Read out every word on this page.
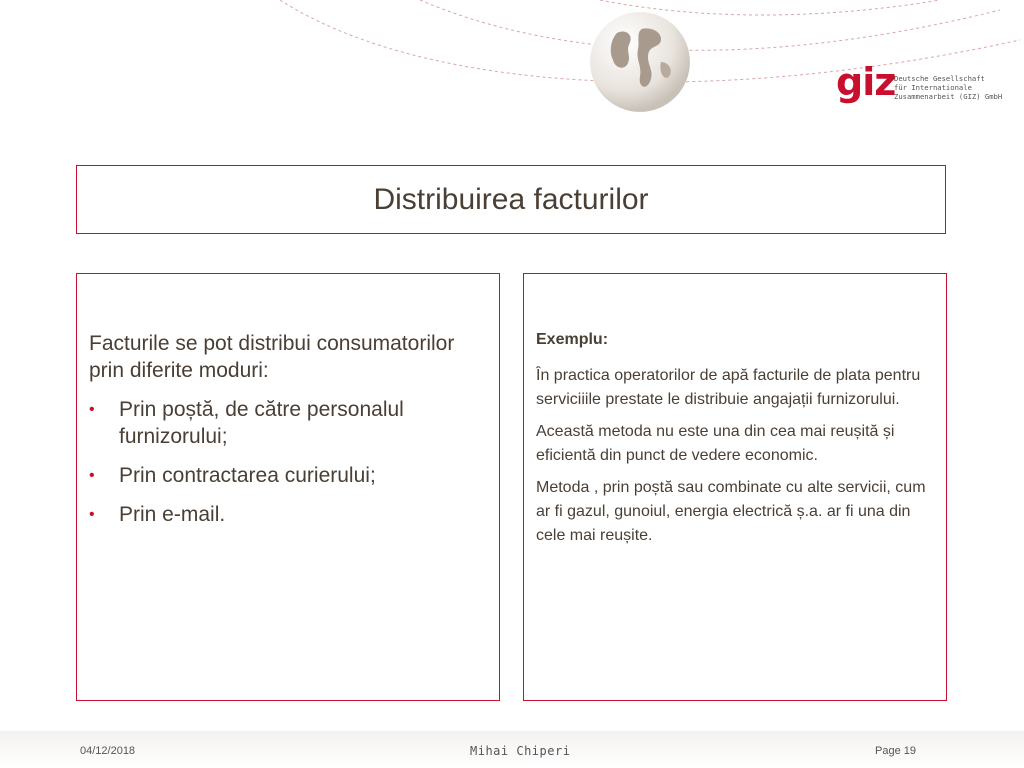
giz
Deutsche Gesellschaft
für Internationale
Zusammenarbeit (GIZ) GmbH
Distribuirea facturilor

Facturile se pot distribui consumatorilor prin diferite moduri:

• Prin poștă, de către personalul furnizorului;
• Prin contractarea curierului;
• Prin e-mail.
Exemplu:

În practica operatorilor de apă facturile de plata pentru serviciiile prestate le distribuie angajații furnizorului.

Această metoda nu este una din cea mai reușită și eficientă din punct de vedere economic.

Metoda , prin poștă sau combinate cu alte servicii, cum ar fi gazul, gunoiul, energia electrică ș.a. ar fi una din cele mai reușite.

04/12/2018	Mihai Chiperi	Page 19
